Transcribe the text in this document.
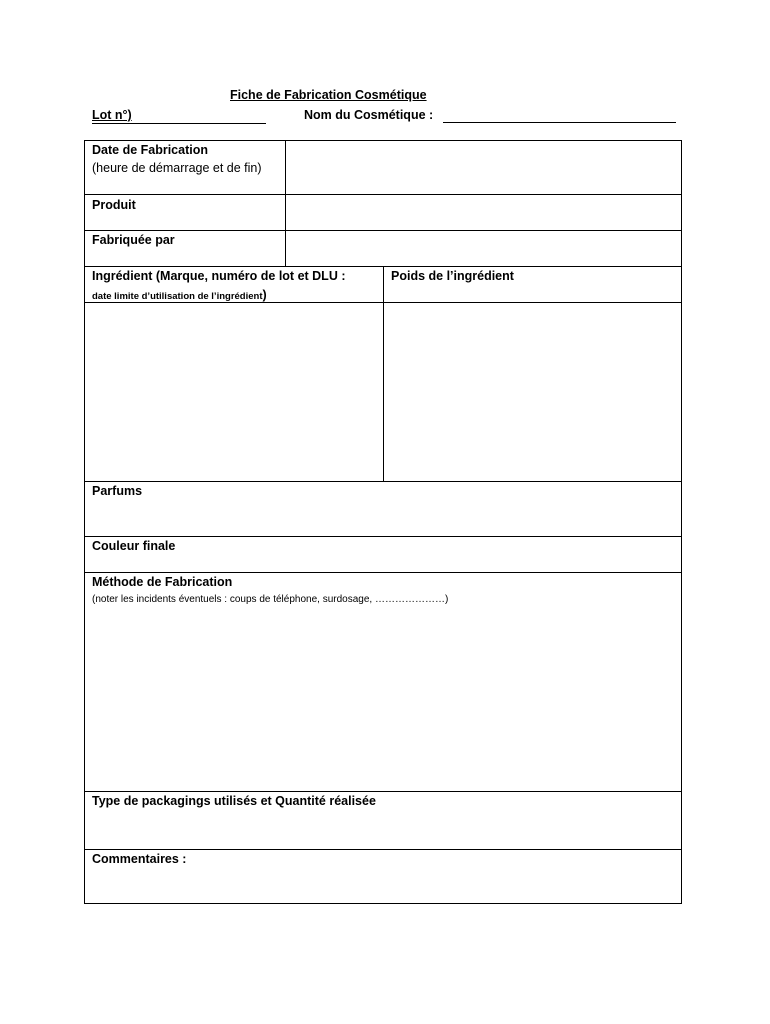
Fiche de Fabrication Cosmétique
Lot n°)	Nom du Cosmétique :
Date de Fabrication
(heure de démarrage et de fin)
Produit
Fabriquée par
Ingrédient (Marque, numéro de lot et DLU :
date limite d’utilisation de l’ingrédient)
Poids de l’ingrédient
Parfums
Couleur finale
Méthode de Fabrication
(noter les incidents éventuels : coups de téléphone, surdosage, …………………)
Type de packagings utilisés et Quantité réalisée
Commentaires :
